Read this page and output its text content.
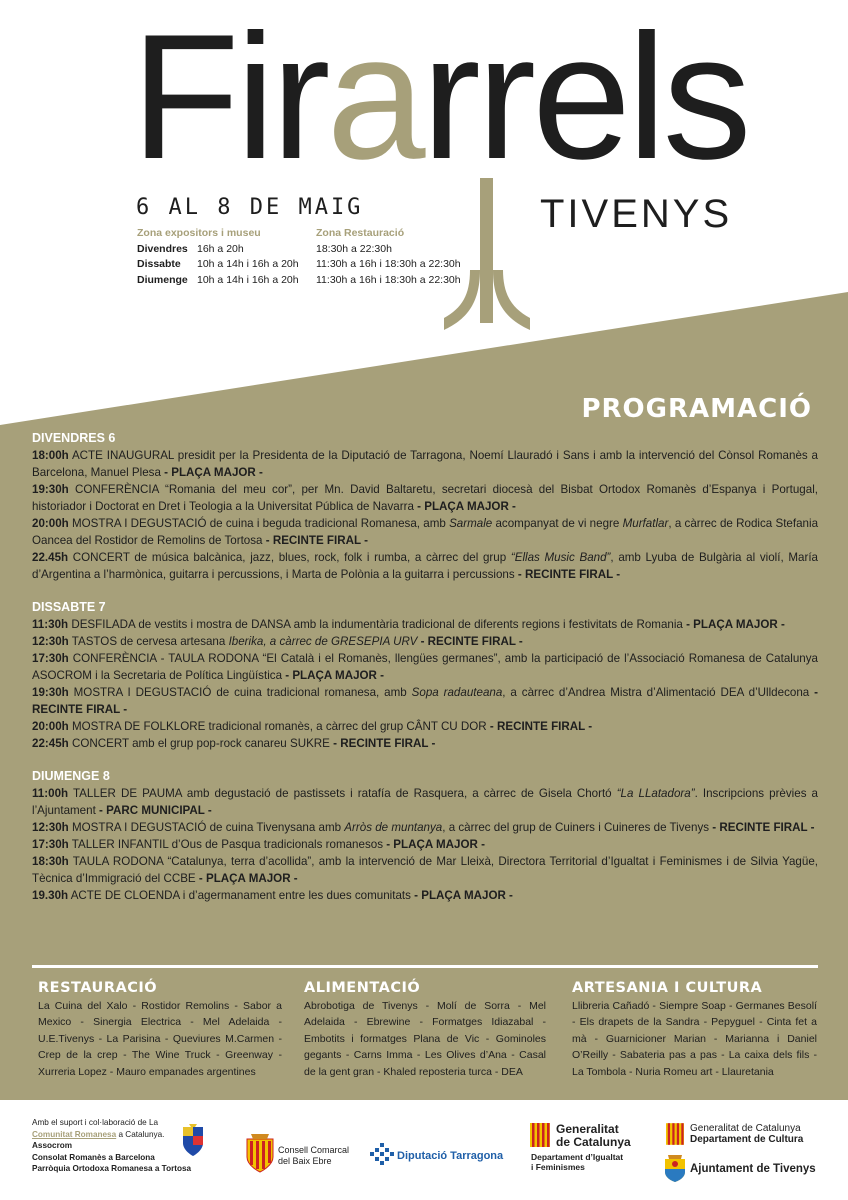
Firarrels
6 AL 8 DE MAIG	TIVENYS
Zona expositors i museu
Divendres 16h a 20h
Dissabte 10h a 14h i 16h a 20h
Diumenge 10h a 14h i 16h a 20h
Zona Restauració
18:30h a 22:30h
11:30h a 16h i 18:30h a 22:30h
11:30h a 16h i 18:30h a 22:30h
PROGRAMACIÓ
DIVENDRES 6

18:00h ACTE INAUGURAL presidit per la Presidenta de la Diputació de Tarragona, Noemí Llauradó i Sans i amb la intervenció del Cònsol Romanès a Barcelona, Manuel Plesa - PLAÇA MAJOR -

19:30h CONFERÈNCIA “Romania del meu cor”, per Mn. David Baltaretu, secretari diocesà del Bisbat Ortodox Romanès d’Espanya i Portugal, historiador i Doctorat en Dret i Teologia a la Universitat Pública de Navarra - PLAÇA MAJOR -

20:00h MOSTRA I DEGUSTACIÓ de cuina i beguda tradicional Romanesa, amb Sarmale acompanyat de vi negre Murfatlar, a càrrec de Rodica Stefania Oancea del Rostidor de Remolins de Tortosa - RECINTE FIRAL -

22.45h CONCERT de música balcànica, jazz, blues, rock, folk i rumba, a càrrec del grup “Ellas Music Band”, amb Lyuba de Bulgària al violí, María d’Argentina a l’harmònica, guitarra i percussions, i Marta de Polònia a la guitarra i percussions - RECINTE FIRAL -

DISSABTE 7

11:30h DESFILADA de vestits i mostra de DANSA amb la indumentària tradicional de diferents regions i festivitats de Romania - PLAÇA MAJOR -

12:30h TASTOS de cervesa artesana Iberika, a càrrec de GRESEPIA URV - RECINTE FIRAL -

17:30h CONFERÈNCIA - TAULA RODONA “El Català i el Romanès, llengües germanes”, amb la participació de l’Associació Romanesa de Catalunya ASOCROM i la Secretaria de Política Lingüística - PLAÇA MAJOR -

19:30h MOSTRA I DEGUSTACIÓ de cuina tradicional romanesa, amb Sopa radauteana, a càrrec d’Andrea Mistra d’Alimentació DEA d’Ulldecona - RECINTE FIRAL -

20:00h MOSTRA DE FOLKLORE tradicional romanès, a càrrec del grup CÂNT CU DOR - RECINTE FIRAL -

22:45h CONCERT amb el grup pop-rock canareu SUKRE - RECINTE FIRAL -

DIUMENGE 8

11:00h TALLER DE PAUMA amb degustació de pastissets i ratafía de Rasquera, a càrrec de Gisela Chortó “La LLatadora”. Inscripcions prèvies a l’Ajuntament - PARC MUNICIPAL -

12:30h MOSTRA I DEGUSTACIÓ de cuina Tivenysana amb Arròs de muntanya, a càrrec del grup de Cuiners i Cuineres de Tivenys - RECINTE FIRAL -

17:30h TALLER INFANTIL d’Ous de Pasqua tradicionals romanesos - PLAÇA MAJOR -

18:30h TAULA RODONA “Catalunya, terra d’acollida”, amb la intervenció de Mar Lleixà, Directora Territorial d’Igualtat i Feminismes i de Silvia Yagüe, Tècnica d’Immigració del CCBE - PLAÇA MAJOR -

19.30h ACTE DE CLOENDA i d’agermanament entre les dues comunitats - PLAÇA MAJOR -

RESTAURACIÓ
La Cuina del Xalo - Rostidor Remolins - Sabor a Mexico - Sinergia Electrica - Mel Adelaida - U.E.Tivenys - La Parisina - Queviures M.Carmen - Crep de la crep - The Wine Truck - Greenway - Xurreria Lopez - Mauro empanades argentines
ALIMENTACIÓ
Abrobotiga de Tivenys - Molí de Sorra - Mel Adelaida - Ebrewine - Formatges Idiazabal - Embotits i formatges Plana de Vic - Gominoles gegants - Carns Imma - Les Olives d’Ana - Casal de la gent gran - Khaled reposteria turca - DEA
ARTESANIA I CULTURA
Llibreria Cañadó - Siempre Soap - Germanes Besolí - Els drapets de la Sandra - Pepyguel - Cinta fet a mà - Guarnicioner Marian - Marianna i Daniel O’Reilly - Sabateria pas a pas - La caixa dels fils - La Tombola - Nuria Romeu art - Llauretania
Amb el suport i col·laboració de La
Comunitat Romanesa a Catalunya.
Assocrom
Consolat Romanès a Barcelona
Parròquia Ortodoxa Romanesa a Tortosa
Consell Comarcal
del Baix Ebre	Diputació Tarragona
Generalitat
de Catalunya
Departament d’Igualtat
i Feminismes
Generalitat de Catalunya
Departament de Cultura
Ajuntament de Tivenys
